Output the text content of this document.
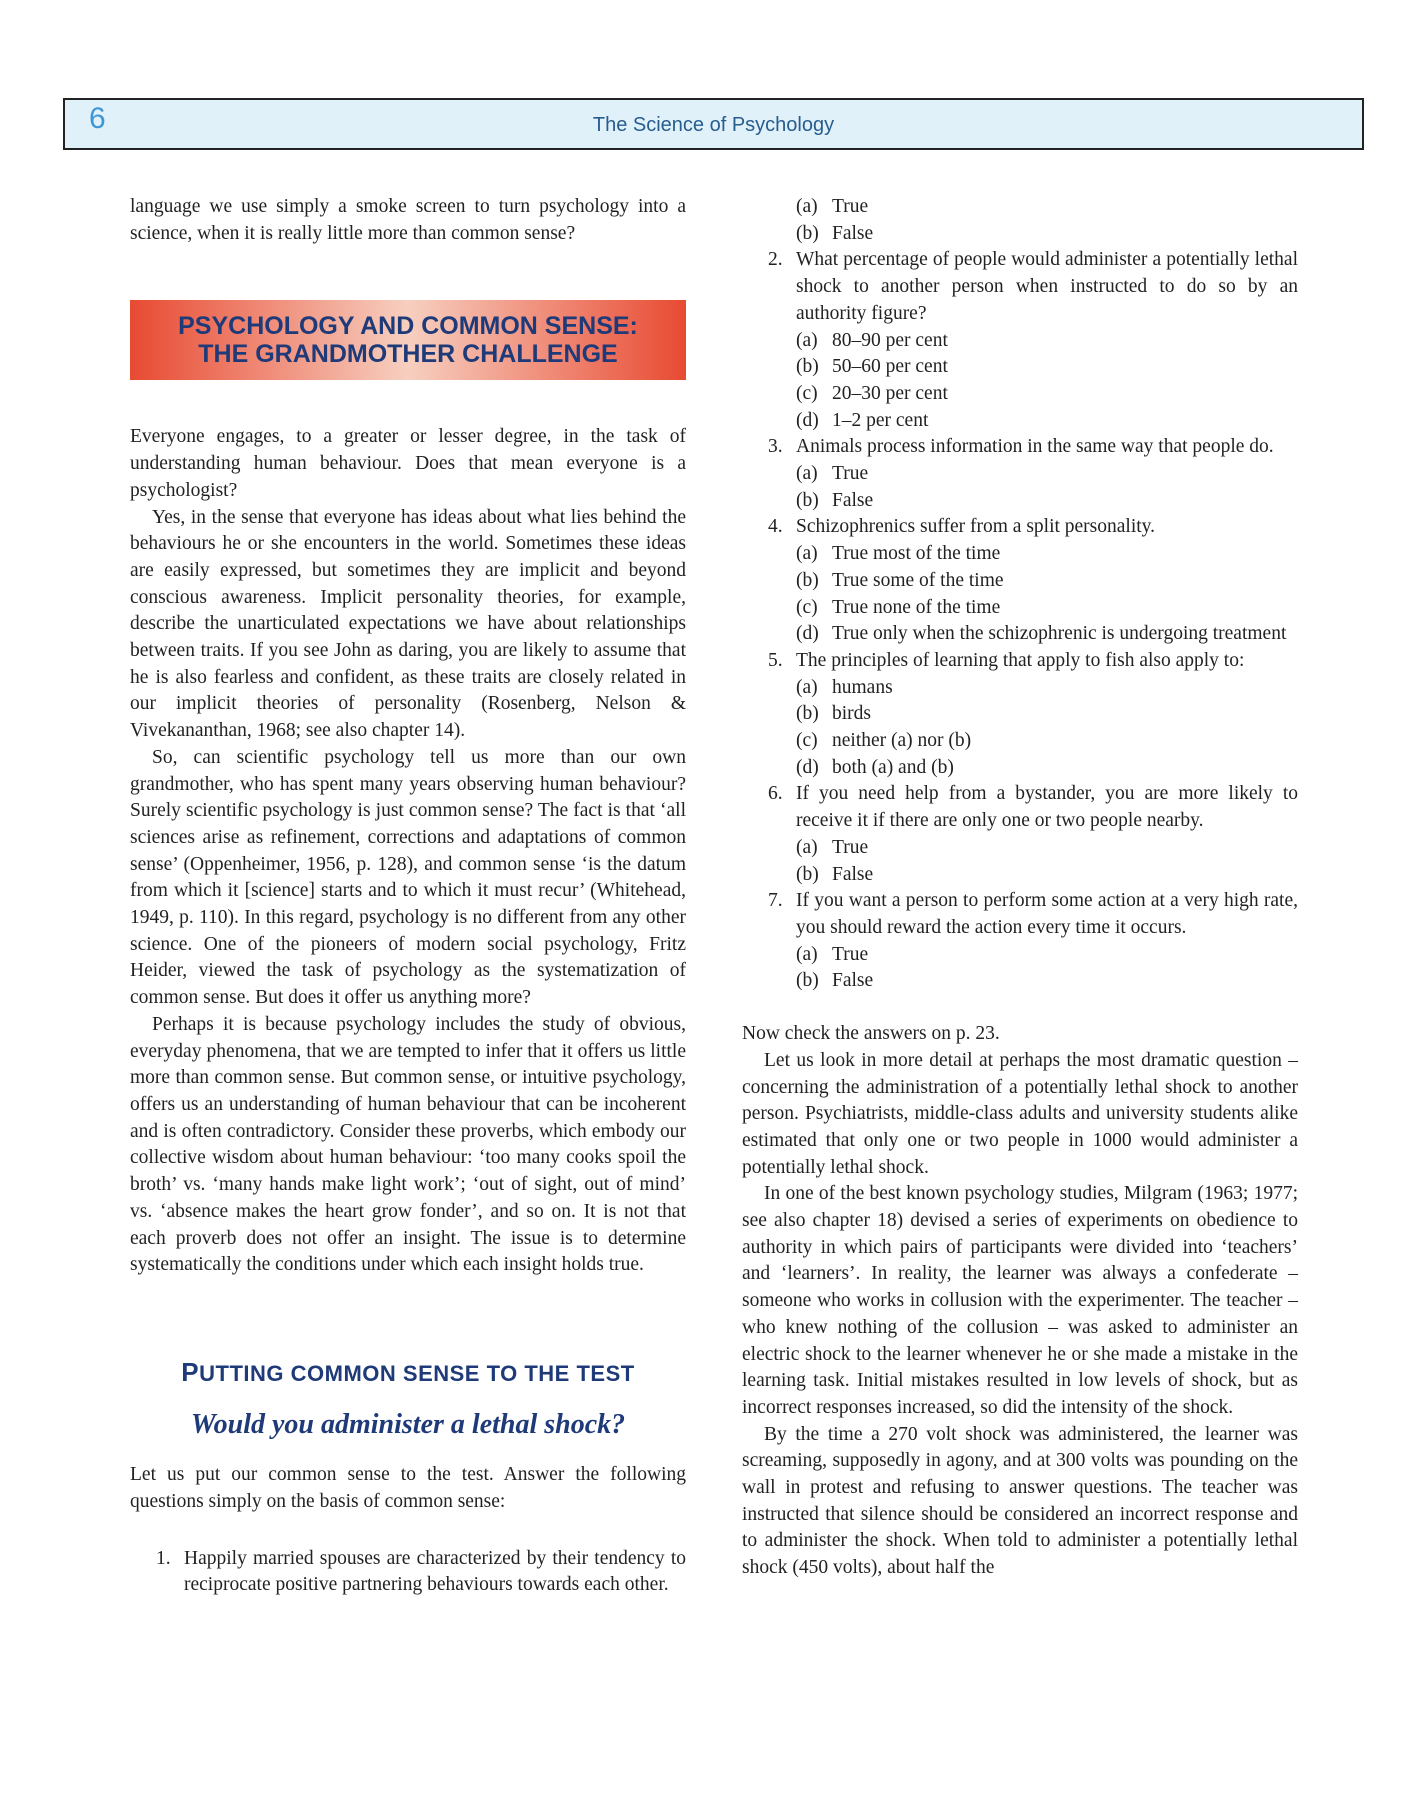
6	The Science of Psychology

language we use simply a smoke screen to turn psychology into a science, when it is really little more than common sense?

PSYCHOLOGY AND COMMON SENSE:
THE GRANDMOTHER CHALLENGE

Everyone engages, to a greater or lesser degree, in the task of understanding human behaviour. Does that mean everyone is a psychologist?

Yes, in the sense that everyone has ideas about what lies behind the behaviours he or she encounters in the world. Sometimes these ideas are easily expressed, but sometimes they are implicit and beyond conscious awareness. Implicit personality theories, for example, describe the unarticulated expectations we have about relationships between traits. If you see John as daring, you are likely to assume that he is also fearless and confident, as these traits are closely related in our implicit theories of personality (Rosenberg, Nelson & Vivekananthan, 1968; see also chapter 14).

So, can scientific psychology tell us more than our own grandmother, who has spent many years observing human behaviour? Surely scientific psychology is just common sense? The fact is that ‘all sciences arise as refinement, corrections and adaptations of common sense’ (Oppenheimer, 1956, p. 128), and common sense ‘is the datum from which it [science] starts and to which it must recur’ (Whitehead, 1949, p. 110). In this regard, psychology is no different from any other science. One of the pioneers of modern social psychology, Fritz Heider, viewed the task of psychology as the systematization of common sense. But does it offer us anything more?

Perhaps it is because psychology includes the study of obvious, everyday phenomena, that we are tempted to infer that it offers us little more than common sense. But common sense, or intuitive psychology, offers us an understanding of human behaviour that can be incoherent and is often contradictory. Consider these proverbs, which embody our collective wisdom about human behaviour: ‘too many cooks spoil the broth’ vs. ‘many hands make light work’; ‘out of sight, out of mind’ vs. ‘absence makes the heart grow fonder’, and so on. It is not that each proverb does not offer an insight. The issue is to determine systematically the conditions under which each insight holds true.

PUTTING COMMON SENSE TO THE TEST
Would you administer a lethal shock?

Let us put our common sense to the test. Answer the following questions simply on the basis of common sense:

1. Happily married spouses are characterized by their tendency to reciprocate positive partnering behaviours towards each other.
(a) True
(b) False
2. What percentage of people would administer a potentially lethal shock to another person when instructed to do so by an authority figure?
(a) 80–90 per cent
(b) 50–60 per cent
(c) 20–30 per cent
(d) 1–2 per cent
3. Animals process information in the same way that people do.
(a) True
(b) False
4. Schizophrenics suffer from a split personality.
(a) True most of the time
(b) True some of the time
(c) True none of the time
(d) True only when the schizophrenic is undergoing treatment
5. The principles of learning that apply to fish also apply to:
(a) humans
(b) birds
(c) neither (a) nor (b)
(d) both (a) and (b)
6. If you need help from a bystander, you are more likely to receive it if there are only one or two people nearby.
(a) True
(b) False
7. If you want a person to perform some action at a very high rate, you should reward the action every time it occurs.
(a) True
(b) False

Now check the answers on p. 23.

Let us look in more detail at perhaps the most dramatic question – concerning the administration of a potentially lethal shock to another person. Psychiatrists, middle-class adults and university students alike estimated that only one or two people in 1000 would administer a potentially lethal shock.

In one of the best known psychology studies, Milgram (1963; 1977; see also chapter 18) devised a series of experiments on obedience to authority in which pairs of participants were divided into ‘teachers’ and ‘learners’. In reality, the learner was always a confederate – someone who works in collusion with the experimenter. The teacher – who knew nothing of the collusion – was asked to administer an electric shock to the learner whenever he or she made a mistake in the learning task. Initial mistakes resulted in low levels of shock, but as incorrect responses increased, so did the intensity of the shock.

By the time a 270 volt shock was administered, the learner was screaming, supposedly in agony, and at 300 volts was pounding on the wall in protest and refusing to answer questions. The teacher was instructed that silence should be considered an incorrect response and to administer the shock. When told to administer a potentially lethal shock (450 volts), about half the
